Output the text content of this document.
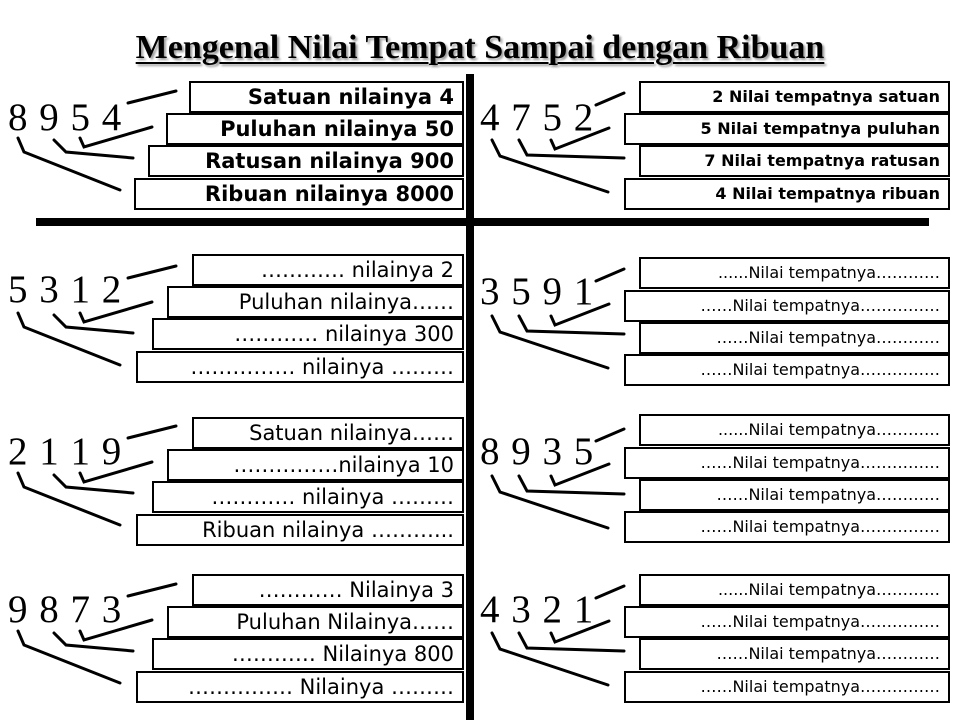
Mengenal Nilai Tempat Sampai dengan Ribuan
8 9 5 4	Satuan nilainya 4
Puluhan nilainya 50
Ratusan nilainya 900
Ribuan nilainya 8000
5 3 1 2	………… nilainya 2
Puluhan nilainya……
………… nilainya 300
…………… nilainya ………
2 1 1 9	Satuan nilainya……
……………nilainya 10
………… nilainya ………
Ribuan nilainya ………...
9 8 7 3	………… Nilainya 3
Puluhan Nilainya……
………… Nilainya 800
…………… Nilainya ………
4 7 5 2	2 Nilai tempatnya satuan
5 Nilai tempatnya puluhan
7 Nilai tempatnya ratusan
4 Nilai tempatnya ribuan
3 5 9 1	......Nilai tempatnya…………
……Nilai tempatnya……………
……Nilai tempatnya…………
……Nilai tempatnya……………
8 9 3 5
......Nilai tempatnya…………
……Nilai tempatnya……………
……Nilai tempatnya…………
……Nilai tempatnya……………
4 3 2 1	......Nilai tempatnya…………
……Nilai tempatnya……………
……Nilai tempatnya…………
……Nilai tempatnya……………
